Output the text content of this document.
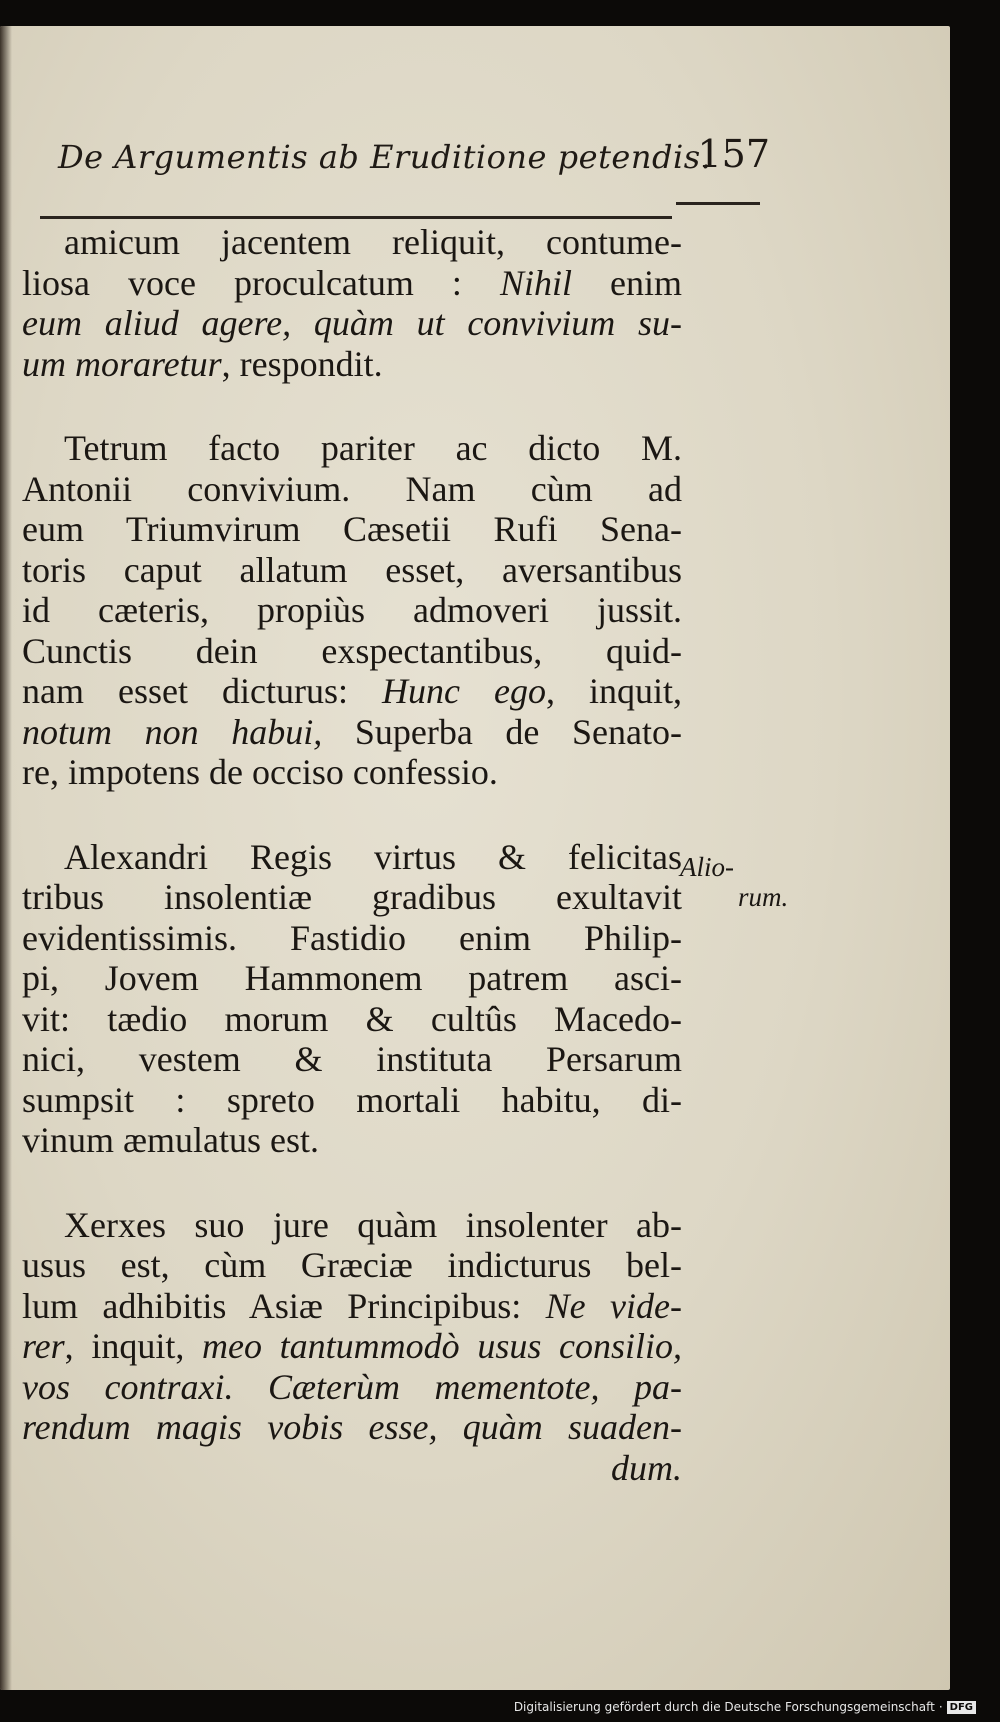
De Argumentis ab Eruditione petendis.
157
amicum jacentem reliquit, contume-
liosa voce proculcatum : Nihil enim
eum aliud agere, quàm ut convivium su-
um moraretur, respondit.
Tetrum facto pariter ac dicto M.
Antonii convivium. Nam cùm ad
eum Triumvirum Cæsetii Rufi Sena-
toris caput allatum esset, aversantibus
id cæteris, propiùs admoveri jussit.
Cunctis dein exspectantibus, quid-
nam esset dicturus: Hunc ego, inquit,
notum non habui, Superba de Senato-
re, impotens de occiso confessio.
Alexandri Regis virtus & felicitas
tribus insolentiæ gradibus exultavit
evidentissimis. Fastidio enim Philip-
pi, Jovem Hammonem patrem asci-
vit: tædio morum & cultûs Macedo-
nici, vestem & instituta Persarum
sumpsit : spreto mortali habitu, di-
vinum æmulatus est.
Xerxes suo jure quàm insolenter ab-
usus est, cùm Græciæ indicturus bel-
lum adhibitis Asiæ Principibus: Ne vide-
rer, inquit, meo tantummodò usus consilio,
vos contraxi. Cæterùm mementote, pa-
rendum magis vobis esse, quàm suaden-
dum.
Alio-
rum.
Digitalisierung gefördert durch die Deutsche Forschungsgemeinschaft · DFG
